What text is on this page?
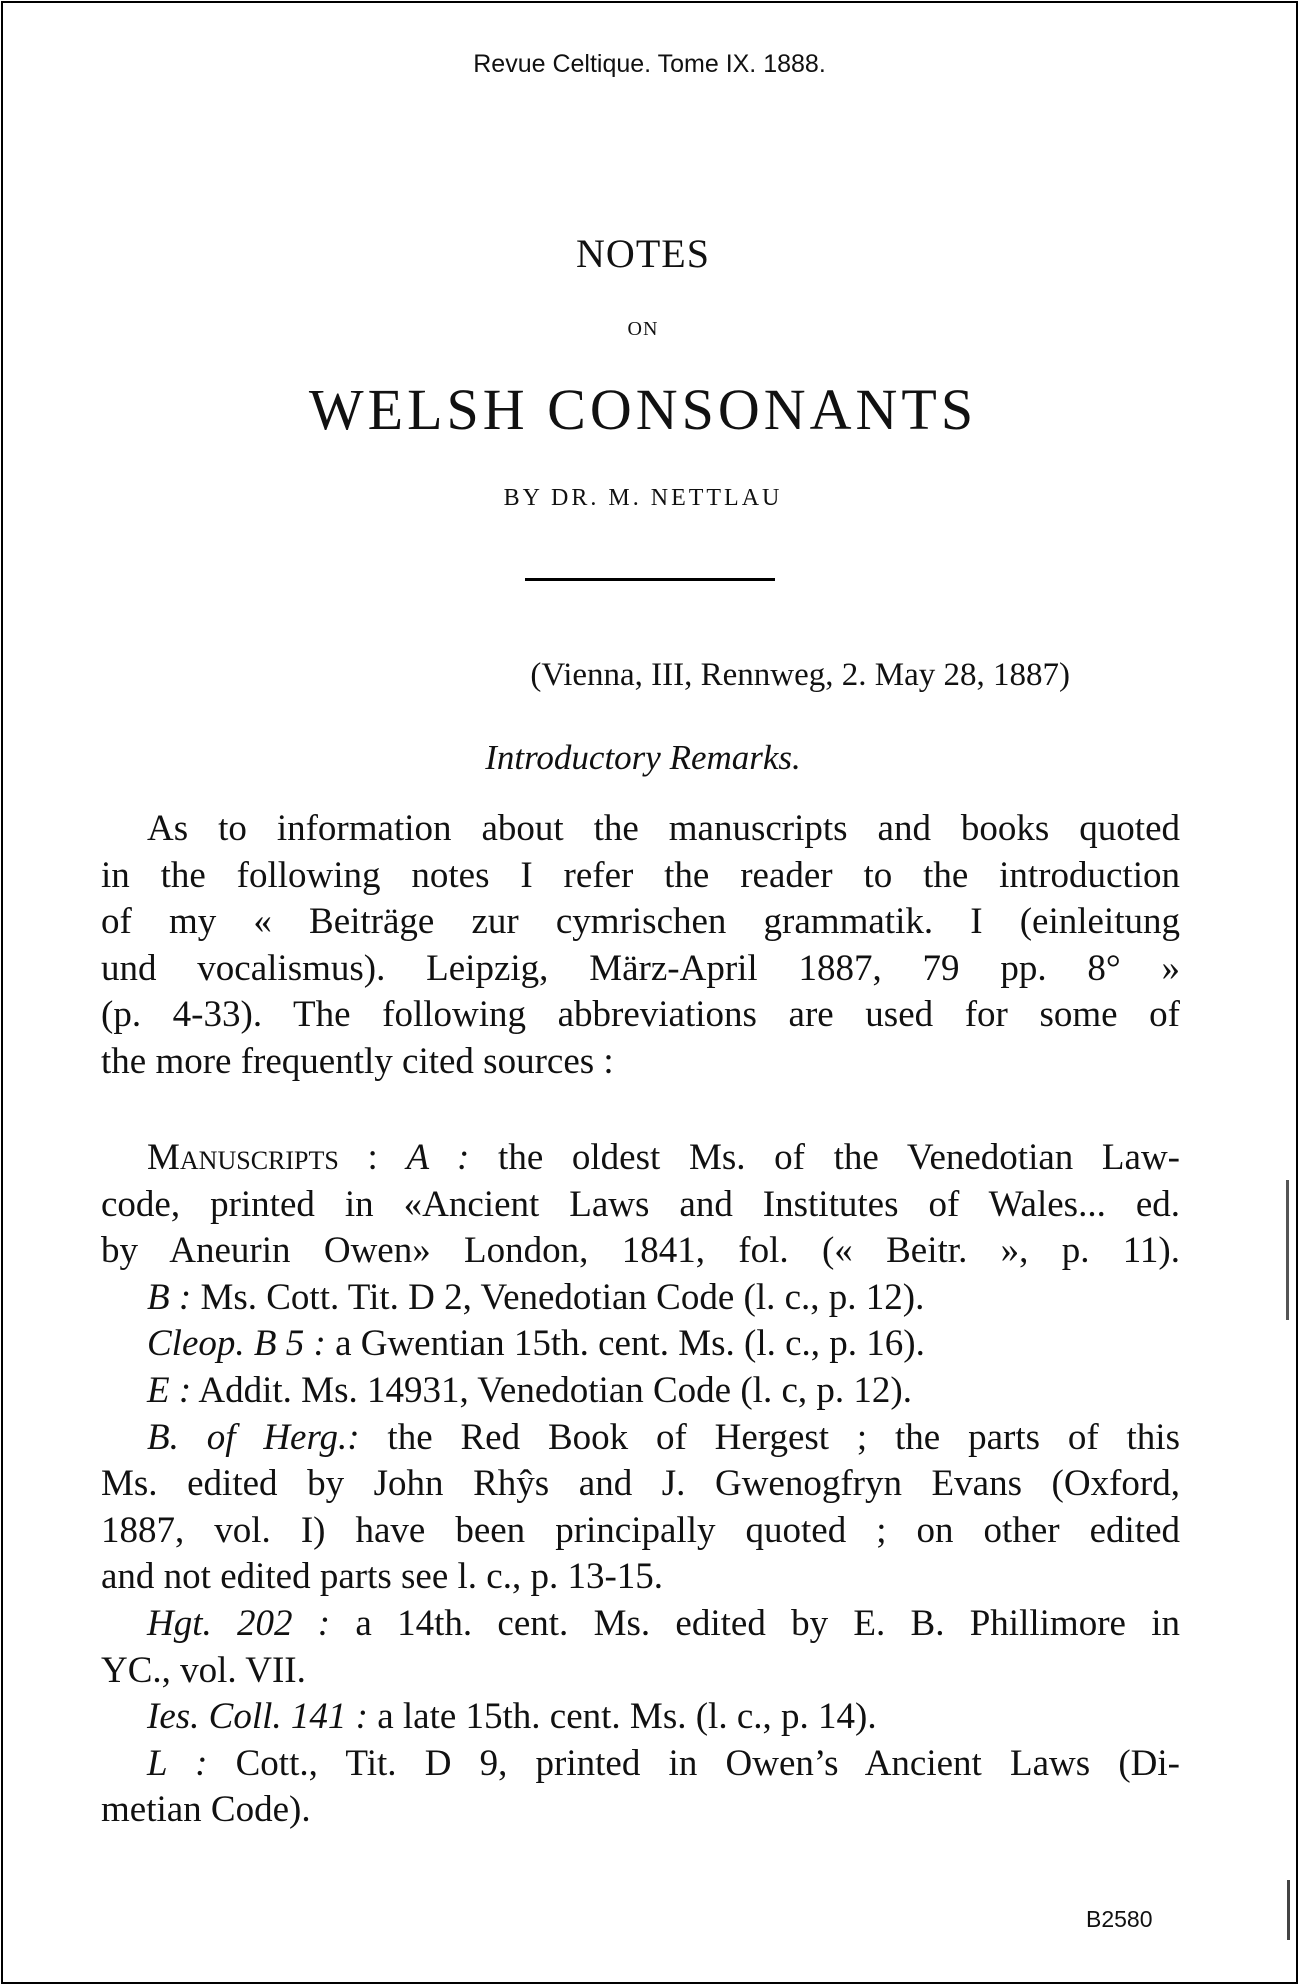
Revue Celtique. Tome IX. 1888.
NOTES
ON
WELSH CONSONANTS
BY DR. M. NETTLAU
(Vienna, III, Rennweg, 2. May 28, 1887)
Introductory Remarks.
As to information about the manuscripts and books quoted
in the following notes I refer the reader to the introduction
of my « Beiträge zur cymrischen grammatik. I (einleitung
und vocalismus). Leipzig, März-April 1887, 79 pp. 8° »
(p. 4-33). The following abbreviations are used for some of
the more frequently cited sources :
Manuscripts : A : the oldest Ms. of the Venedotian Law-
code, printed in «Ancient Laws and Institutes of Wales... ed.
by Aneurin Owen» London, 1841, fol. (« Beitr. », p. 11).
B : Ms. Cott. Tit. D 2, Venedotian Code (l. c., p. 12).
Cleop. B 5 : a Gwentian 15th. cent. Ms. (l. c., p. 16).
E : Addit. Ms. 14931, Venedotian Code (l. c, p. 12).
B. of Herg.: the Red Book of Hergest ; the parts of this
Ms. edited by John Rhŷs and J. Gwenogfryn Evans (Oxford,
1887, vol. I) have been principally quoted ; on other edited
and not edited parts see l. c., p. 13-15.
Hgt. 202 : a 14th. cent. Ms. edited by E. B. Phillimore in
YC., vol. VII.
Ies. Coll. 141 : a late 15th. cent. Ms. (l. c., p. 14).
L : Cott., Tit. D 9, printed in Owen’s Ancient Laws (Di-
metian Code).
B2580
